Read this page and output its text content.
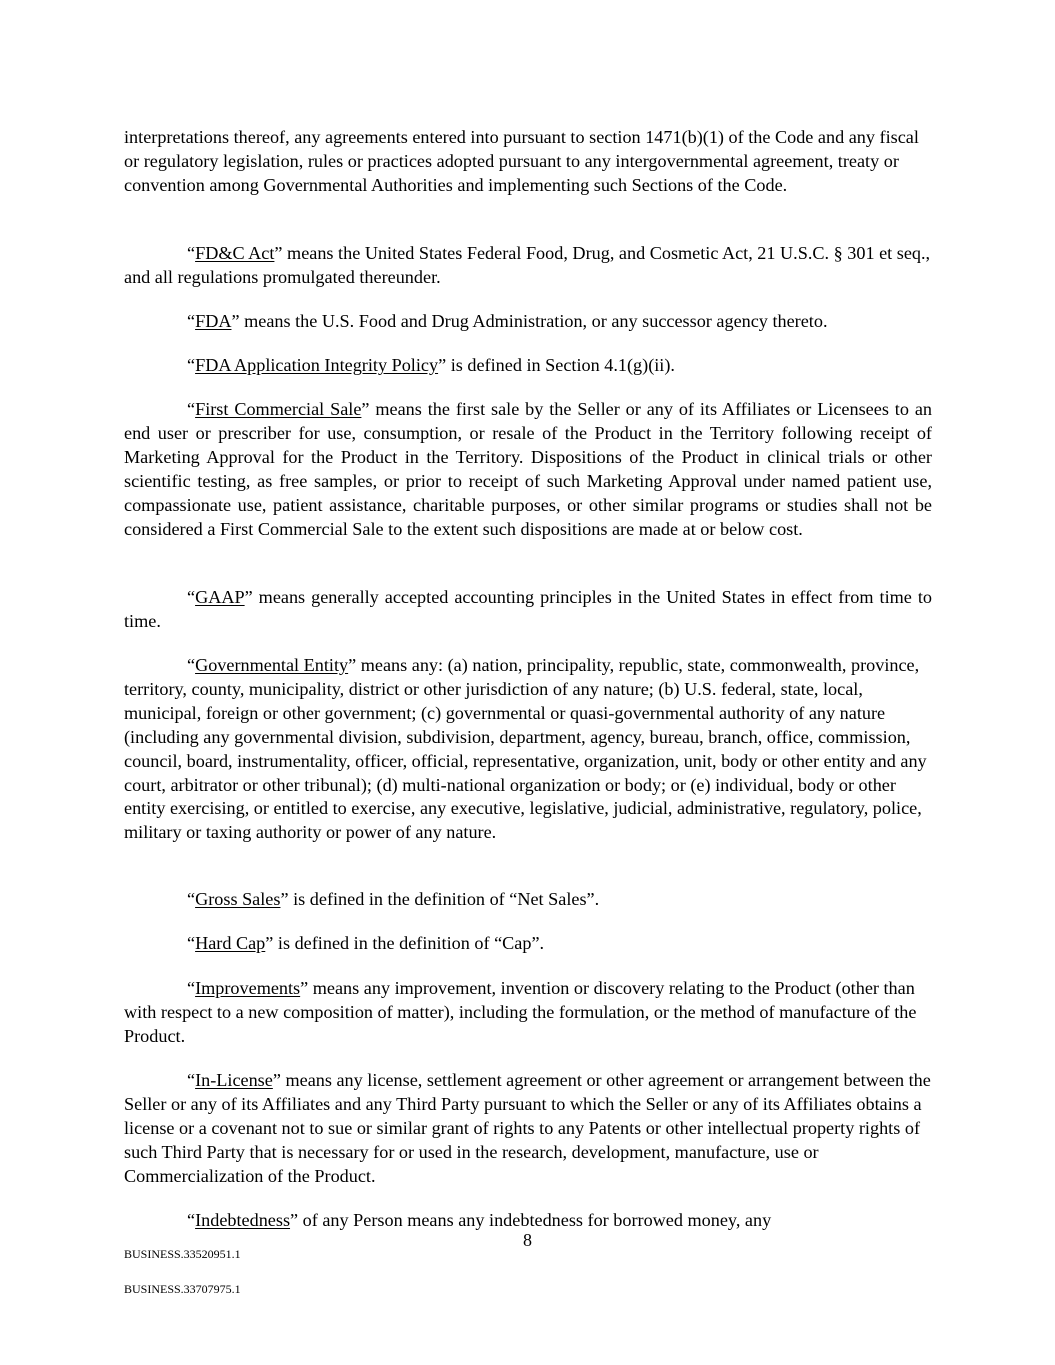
interpretations thereof, any agreements entered into pursuant to section 1471(b)(1) of the Code and any fiscal or regulatory legislation, rules or practices adopted pursuant to any intergovernmental agreement, treaty or convention among Governmental Authorities and implementing such Sections of the Code.

“FD&C Act” means the United States Federal Food, Drug, and Cosmetic Act, 21 U.S.C. § 301 et seq., and all regulations promulgated thereunder.

“FDA” means the U.S. Food and Drug Administration, or any successor agency thereto.

“FDA Application Integrity Policy” is defined in Section 4.1(g)(ii).

“First Commercial Sale” means the first sale by the Seller or any of its Affiliates or Licensees to an end user or prescriber for use, consumption, or resale of the Product in the Territory following receipt of Marketing Approval for the Product in the Territory. Dispositions of the Product in clinical trials or other scientific testing, as free samples, or prior to receipt of such Marketing Approval under named patient use, compassionate use, patient assistance, charitable purposes, or other similar programs or studies shall not be considered a First Commercial Sale to the extent such dispositions are made at or below cost.

“GAAP” means generally accepted accounting principles in the United States in effect from time to time.

“Governmental Entity” means any: (a) nation, principality, republic, state, commonwealth, province, territory, county, municipality, district or other jurisdiction of any nature; (b) U.S. federal, state, local, municipal, foreign or other government; (c) governmental or quasi-governmental authority of any nature (including any governmental division, subdivision, department, agency, bureau, branch, office, commission, council, board, instrumentality, officer, official, representative, organization, unit, body or other entity and any court, arbitrator or other tribunal); (d) multi-national organization or body; or (e) individual, body or other entity exercising, or entitled to exercise, any executive, legislative, judicial, administrative, regulatory, police, military or taxing authority or power of any nature.

“Gross Sales” is defined in the definition of “Net Sales”.

“Hard Cap” is defined in the definition of “Cap”.

“Improvements” means any improvement, invention or discovery relating to the Product (other than with respect to a new composition of matter), including the formulation, or the method of manufacture of the Product.

“In-License” means any license, settlement agreement or other agreement or arrangement between the Seller or any of its Affiliates and any Third Party pursuant to which the Seller or any of its Affiliates obtains a license or a covenant not to sue or similar grant of rights to any Patents or other intellectual property rights of such Third Party that is necessary for or used in the research, development, manufacture, use or Commercialization of the Product.

“Indebtedness” of any Person means any indebtedness for borrowed money, any

8
BUSINESS.33520951.1
BUSINESS.33707975.1
